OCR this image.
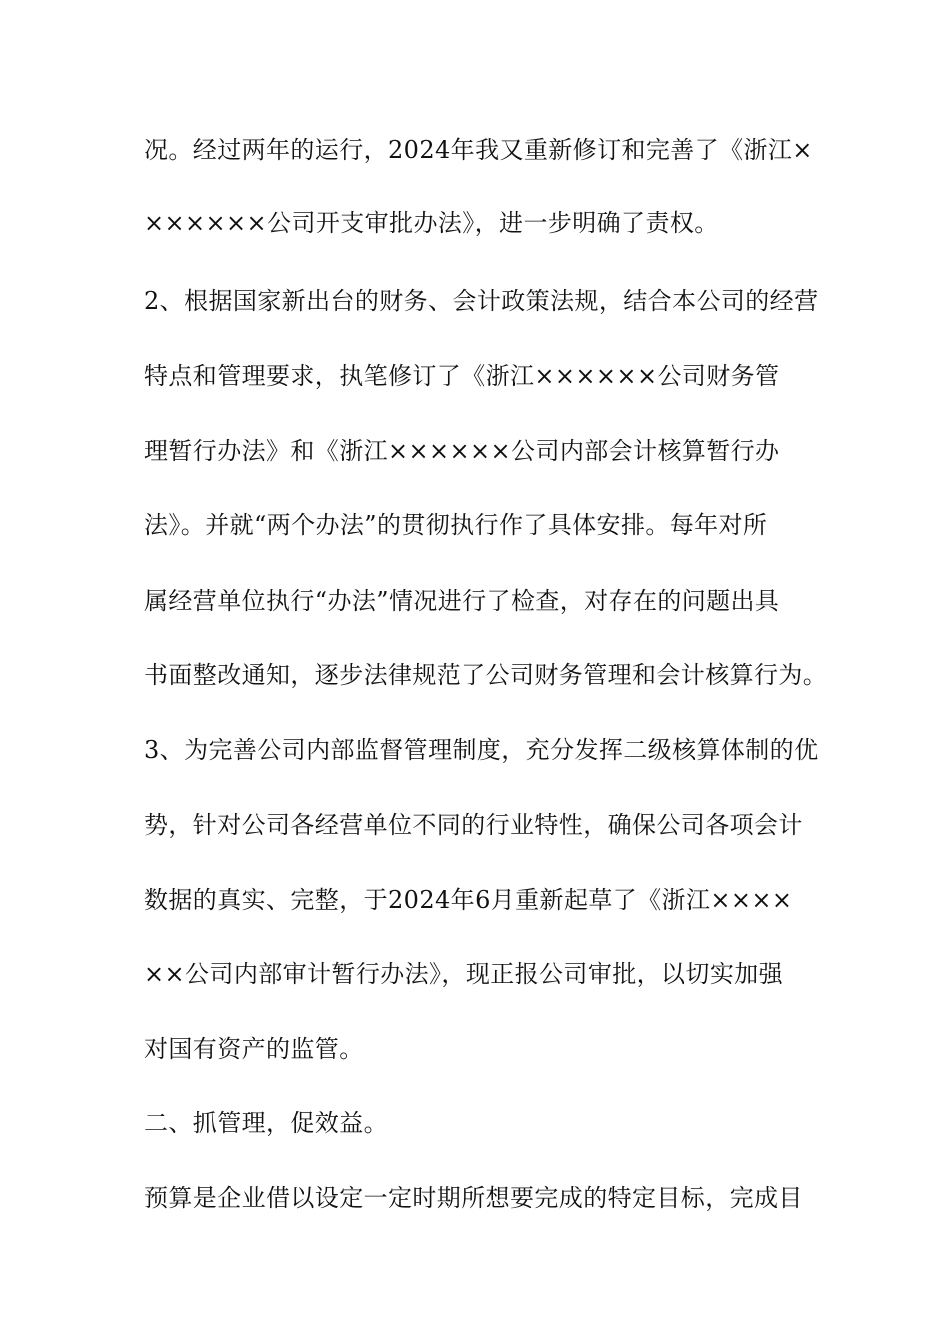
况。经过两年的运行，2024年我又重新修订和完善了《浙江×
××××××公司开支审批办法》，进一步明确了责权。
2、根据国家新出台的财务、会计政策法规，结合本公司的经营
特点和管理要求，执笔修订了《浙江××××××公司财务管
理暂行办法》和《浙江××××××公司内部会计核算暂行办
法》。并就“两个办法”的贯彻执行作了具体安排。每年对所
属经营单位执行“办法”情况进行了检查，对存在的问题出具
书面整改通知，逐步法律规范了公司财务管理和会计核算行为。
3、为完善公司内部监督管理制度，充分发挥二级核算体制的优
势，针对公司各经营单位不同的行业特性，确保公司各项会计
数据的真实、完整，于2024年6月重新起草了《浙江××××
××公司内部审计暂行办法》，现正报公司审批，以切实加强
对国有资产的监管。
二、抓管理，促效益。
预算是企业借以设定一定时期所想要完成的特定目标，完成目
